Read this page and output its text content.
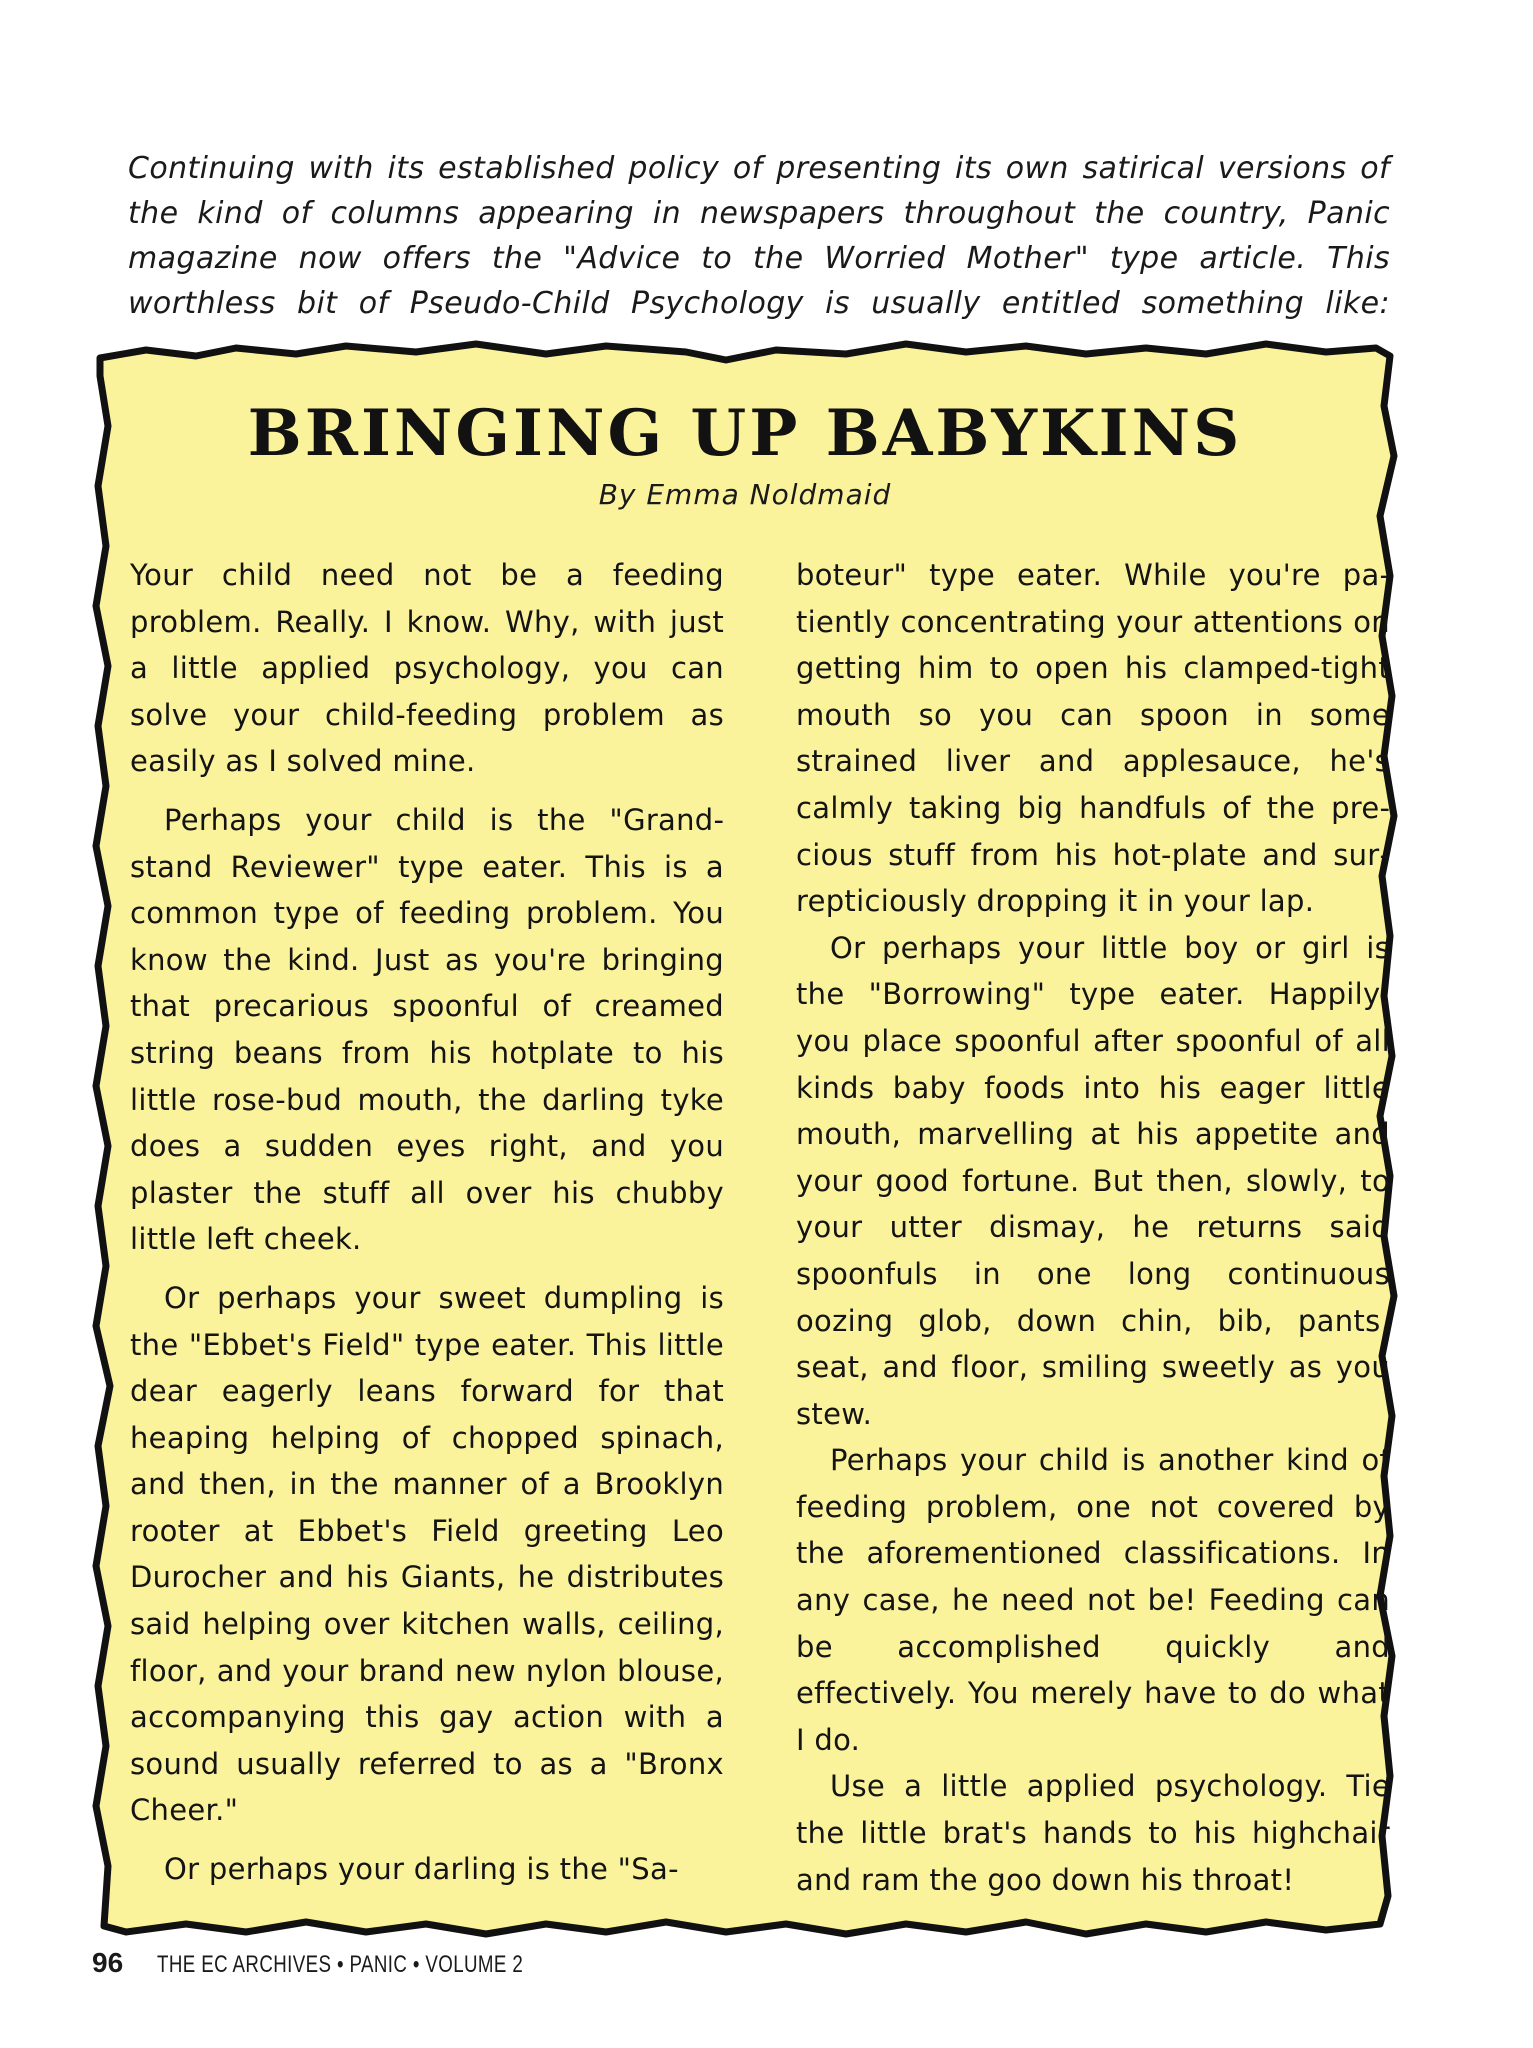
Continuing with its established policy of presenting its own satirical versions of the kind of columns appearing in newspapers throughout the country, Panic magazine now offers the "Advice to the Worried Mother" type article. This worthless bit of Pseudo-Child Psychology is usually entitled something like:

BRINGING UP BABYKINS

By Emma Noldmaid

Your child need not be a feeding problem. Really. I know. Why, with just a little applied psychology, you can solve your child-feeding problem as easily as I solved mine.

Perhaps your child is the "Grandstand Reviewer" type eater. This is a common type of feeding problem. You know the kind. Just as you're bringing that precarious spoonful of creamed string beans from his hotplate to his little rose-bud mouth, the darling tyke does a sudden eyes right, and you plaster the stuff all over his chubby little left cheek.

Or perhaps your sweet dumpling is the "Ebbet's Field" type eater. This little dear eagerly leans forward for that heaping helping of chopped spinach, and then, in the manner of a Brooklyn rooter at Ebbet's Field greeting Leo Durocher and his Giants, he distributes said helping over kitchen walls, ceiling, floor, and your brand new nylon blouse, accompanying this gay action with a sound usually referred to as a "Bronx Cheer."

Or perhaps your darling is the "Sa-

boteur" type eater. While you're patiently concentrating your attentions on getting him to open his clamped-tight mouth so you can spoon in some strained liver and applesauce, he's calmly taking big handfuls of the precious stuff from his hot-plate and surrepticiously dropping it in your lap.

Or perhaps your little boy or girl is the "Borrowing" type eater. Happily, you place spoonful after spoonful of all kinds baby foods into his eager little mouth, marvelling at his appetite and your good fortune. But then, slowly, to your utter dismay, he returns said spoonfuls in one long continuous oozing glob, down chin, bib, pants, seat, and floor, smiling sweetly as you stew.

Perhaps your child is another kind of feeding problem, one not covered by the aforementioned classifications. In any case, he need not be! Feeding can be accomplished quickly and effectively. You merely have to do what I do.

Use a little applied psychology. Tie the little brat's hands to his highchair and ram the goo down his throat!

96 THE EC ARCHIVES • PANIC • VOLUME 2
